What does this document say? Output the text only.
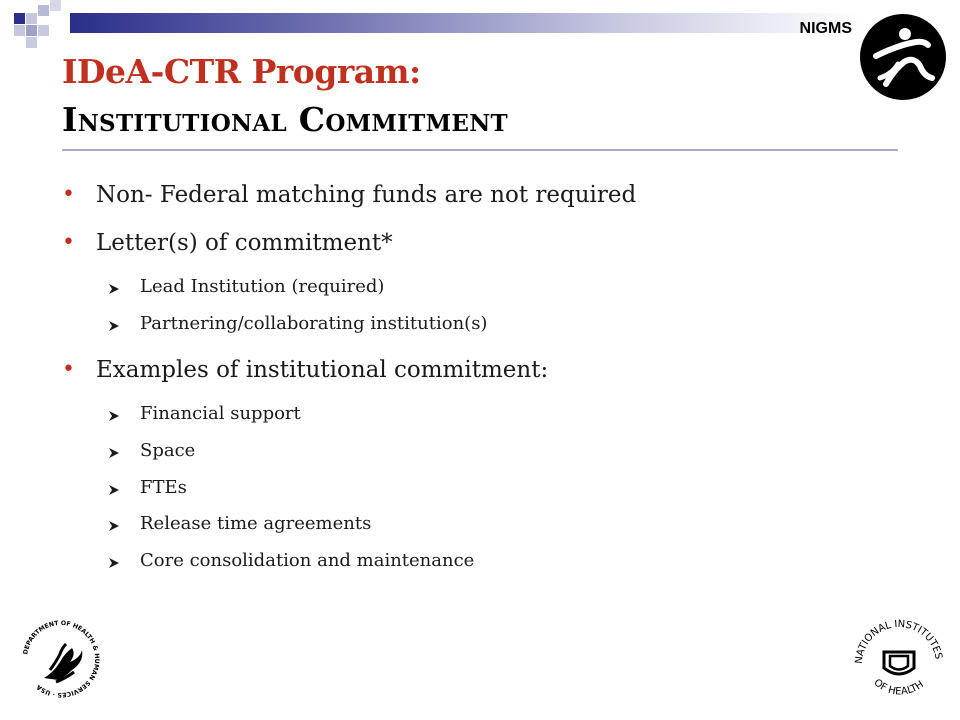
NIGMS
IDeA-CTR Program:
Institutional Commitment
• Non- Federal matching funds are not required
• Letter(s) of commitment*
Lead Institution (required)
Partnering/collaborating institution(s)
• Examples of institutional commitment:
Financial support
Space
FTEs
Release time agreements
Core consolidation and maintenance
DEPARTMENT OF HEALTH & HUMAN SERVICES · USA
NATIONAL INSTITUTES
OF HEALTH
